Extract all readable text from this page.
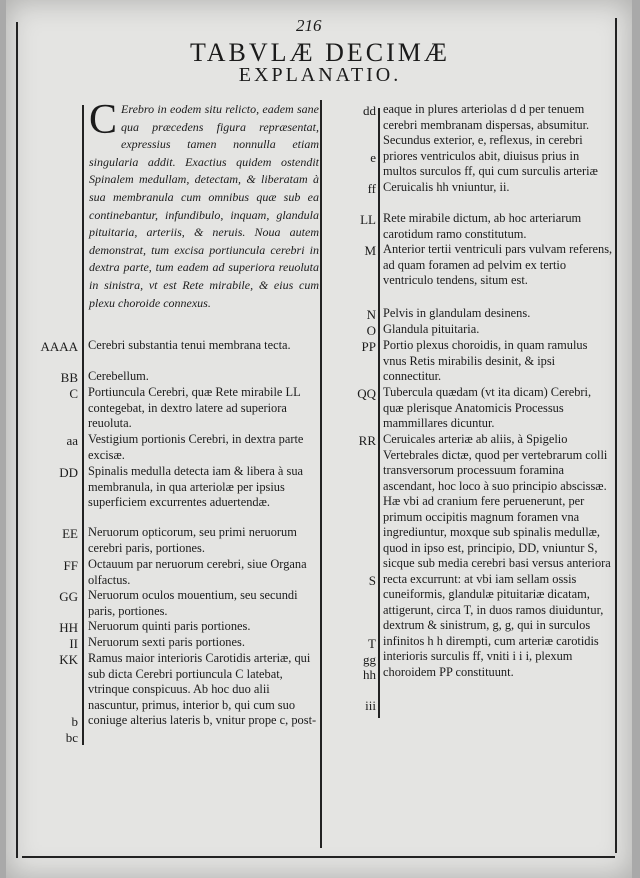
216
TABVLÆ DECIMÆ
EXPLANATIO.
C Erebro in eodem situ relicto, eadem sane qua præcedens figura repræsentat, expressius tamen nonnulla etiam singularia addit. Exactius quidem ostendit Spinalem medullam, detectam, & liberatam à sua membranula cum omnibus quæ sub ea continebantur, infundibulo, inquam, glandula pituitaria, arteriis, & neruis. Noua autem demonstrat, tum excisa portiuncula cerebri in dextra parte, tum eadem ad superiora reuoluta in sinistra, vt est Rete mirabile, & eius cum plexu choroide connexus.
AAAA Cerebri substantia tenui membrana tecta.
BB Cerebellum.
C Portiuncula Cerebri, quæ Rete mirabile LL contegebat, in dextro latere ad superiora reuoluta.
aa Vestigium portionis Cerebri, in dextra parte excisæ.
DD Spinalis medulla detecta iam & libera à sua membranula, in qua arteriolæ per ipsius superficiem excurrentes aduertendæ.
EE Neruorum opticorum, seu primi neruorum cerebri paris, portiones.
FF Octauum par neruorum cerebri, siue Organa olfactus.
GG Neruorum oculos mouentium, seu secundi paris, portiones.
HH Neruorum quinti paris portiones.
II Neruorum sexti paris portiones.
KK Ramus maior interioris Carotidis arteriæ, qui sub dicta Cerebri portiuncula C latebat, vtrinque conspicuus. Ab hoc duo alii nascuntur, primus, interior b, qui cum suo coniuge alterius lateris b, vnitur prope c, post-
b
bc
dd eaque in plures arteriolas d d per tenuem cerebri membranam dispersas, absumitur. Secundus exterior, e, reflexus, in cerebri priores ventriculos abit, diuisus prius in multos surculos ff, qui cum surculis arteriæ Ceruicalis hh vniuntur, ii.
e
ff
LL Rete mirabile dictum, ab hoc arteriarum carotidum ramo constitutum.
M Anterior tertii ventriculi pars vulvam referens, ad quam foramen ad pelvim ex tertio ventriculo tendens, situm est.
N Pelvis in glandulam desinens.
O Glandula pituitaria.
PP Portio plexus choroidis, in quam ramulus vnus Retis mirabilis desinit, & ipsi connectitur.
QQ Tubercula quædam (vt ita dicam) Cerebri, quæ plerisque Anatomicis Processus mammillares dicuntur.
RR Ceruicales arteriæ ab aliis, à Spigelio Vertebrales dictæ, quod per vertebrarum colli transversorum processuum foramina ascendant, hoc loco à suo principio abscissæ. Hæ vbi ad cranium fere peruenerunt, per primum occipitis magnum foramen vna ingrediuntur, moxque sub spinalis medullæ, quod in ipso est, principio, DD, vniuntur S, sicque sub media cerebri basi versus anteriora recta excurrunt: at vbi iam sellam ossis cuneiformis, glandulæ pituitariæ dicatam, attigerunt, circa T, in duos ramos diuiduntur, dextrum & sinistrum, g, g, qui in surculos infinitos h h dirempti, cum arteriæ carotidis interioris surculis ff, vniti i i i, plexum choroidem PP constituunt.
S
T
gg
hh
iii
